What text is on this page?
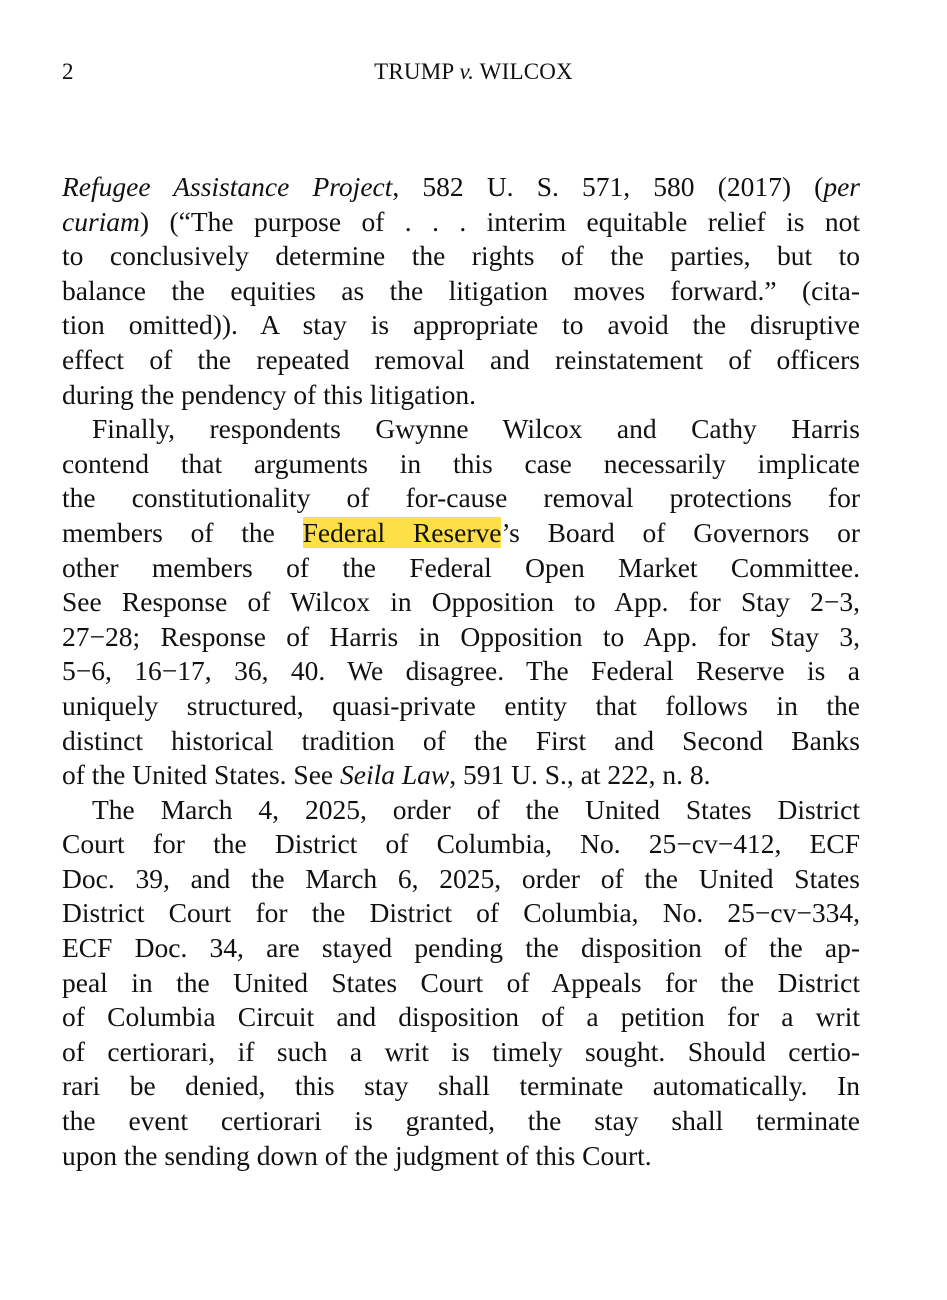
2	TRUMP v. WILCOX
Refugee Assistance Project, 582 U. S. 571, 580 (2017) (per
curiam) (“The purpose of . . . interim equitable relief is not
to conclusively determine the rights of the parties, but to
balance the equities as the litigation moves forward.” (cita-
tion omitted)). A stay is appropriate to avoid the disruptive
effect of the repeated removal and reinstatement of officers
during the pendency of this litigation.
Finally, respondents Gwynne Wilcox and Cathy Harris
contend that arguments in this case necessarily implicate
the constitutionality of for-cause removal protections for
members of the Federal Reserve’s Board of Governors or
other members of the Federal Open Market Committee.
See Response of Wilcox in Opposition to App. for Stay 2−3,
27−28; Response of Harris in Opposition to App. for Stay 3,
5−6, 16−17, 36, 40. We disagree. The Federal Reserve is a
uniquely structured, quasi-private entity that follows in the
distinct historical tradition of the First and Second Banks
of the United States. See Seila Law, 591 U. S., at 222, n. 8.
The March 4, 2025, order of the United States District
Court for the District of Columbia, No. 25−cv−412, ECF
Doc. 39, and the March 6, 2025, order of the United States
District Court for the District of Columbia, No. 25−cv−334,
ECF Doc. 34, are stayed pending the disposition of the ap-
peal in the United States Court of Appeals for the District
of Columbia Circuit and disposition of a petition for a writ
of certiorari, if such a writ is timely sought. Should certio-
rari be denied, this stay shall terminate automatically. In
the event certiorari is granted, the stay shall terminate
upon the sending down of the judgment of this Court.
